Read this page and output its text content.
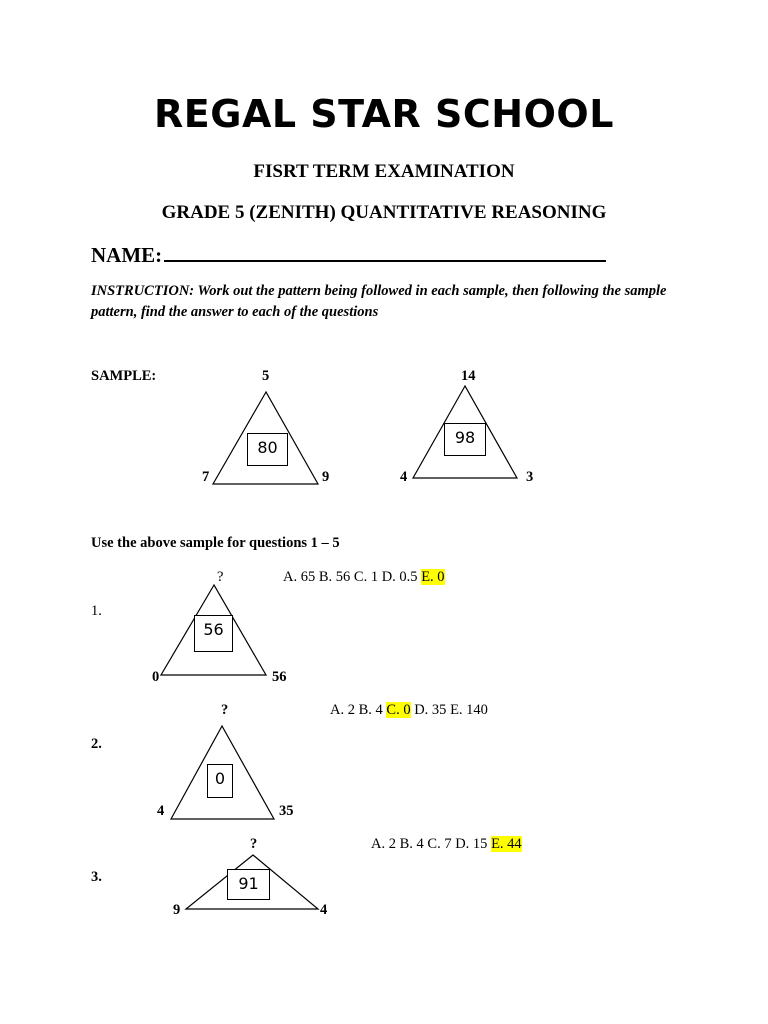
REGAL STAR SCHOOL
FISRT TERM EXAMINATION
GRADE 5 (ZENITH) QUANTITATIVE REASONING
NAME:
INSTRUCTION: Work out the pattern being followed in each sample, then following the sample pattern, find the answer to each of the questions
SAMPLE:	5
7	9
80
14
4	3
98
Use the above sample for questions 1 – 5
1.
?
0	56
56
A. 65 B. 56 C. 1 D. 0.5 E. 0
2.
?
4	35
0
A. 2 B. 4 C. 0 D. 35 E. 140
3.
?
9	4
91
A. 2 B. 4 C. 7 D. 15 E. 44
